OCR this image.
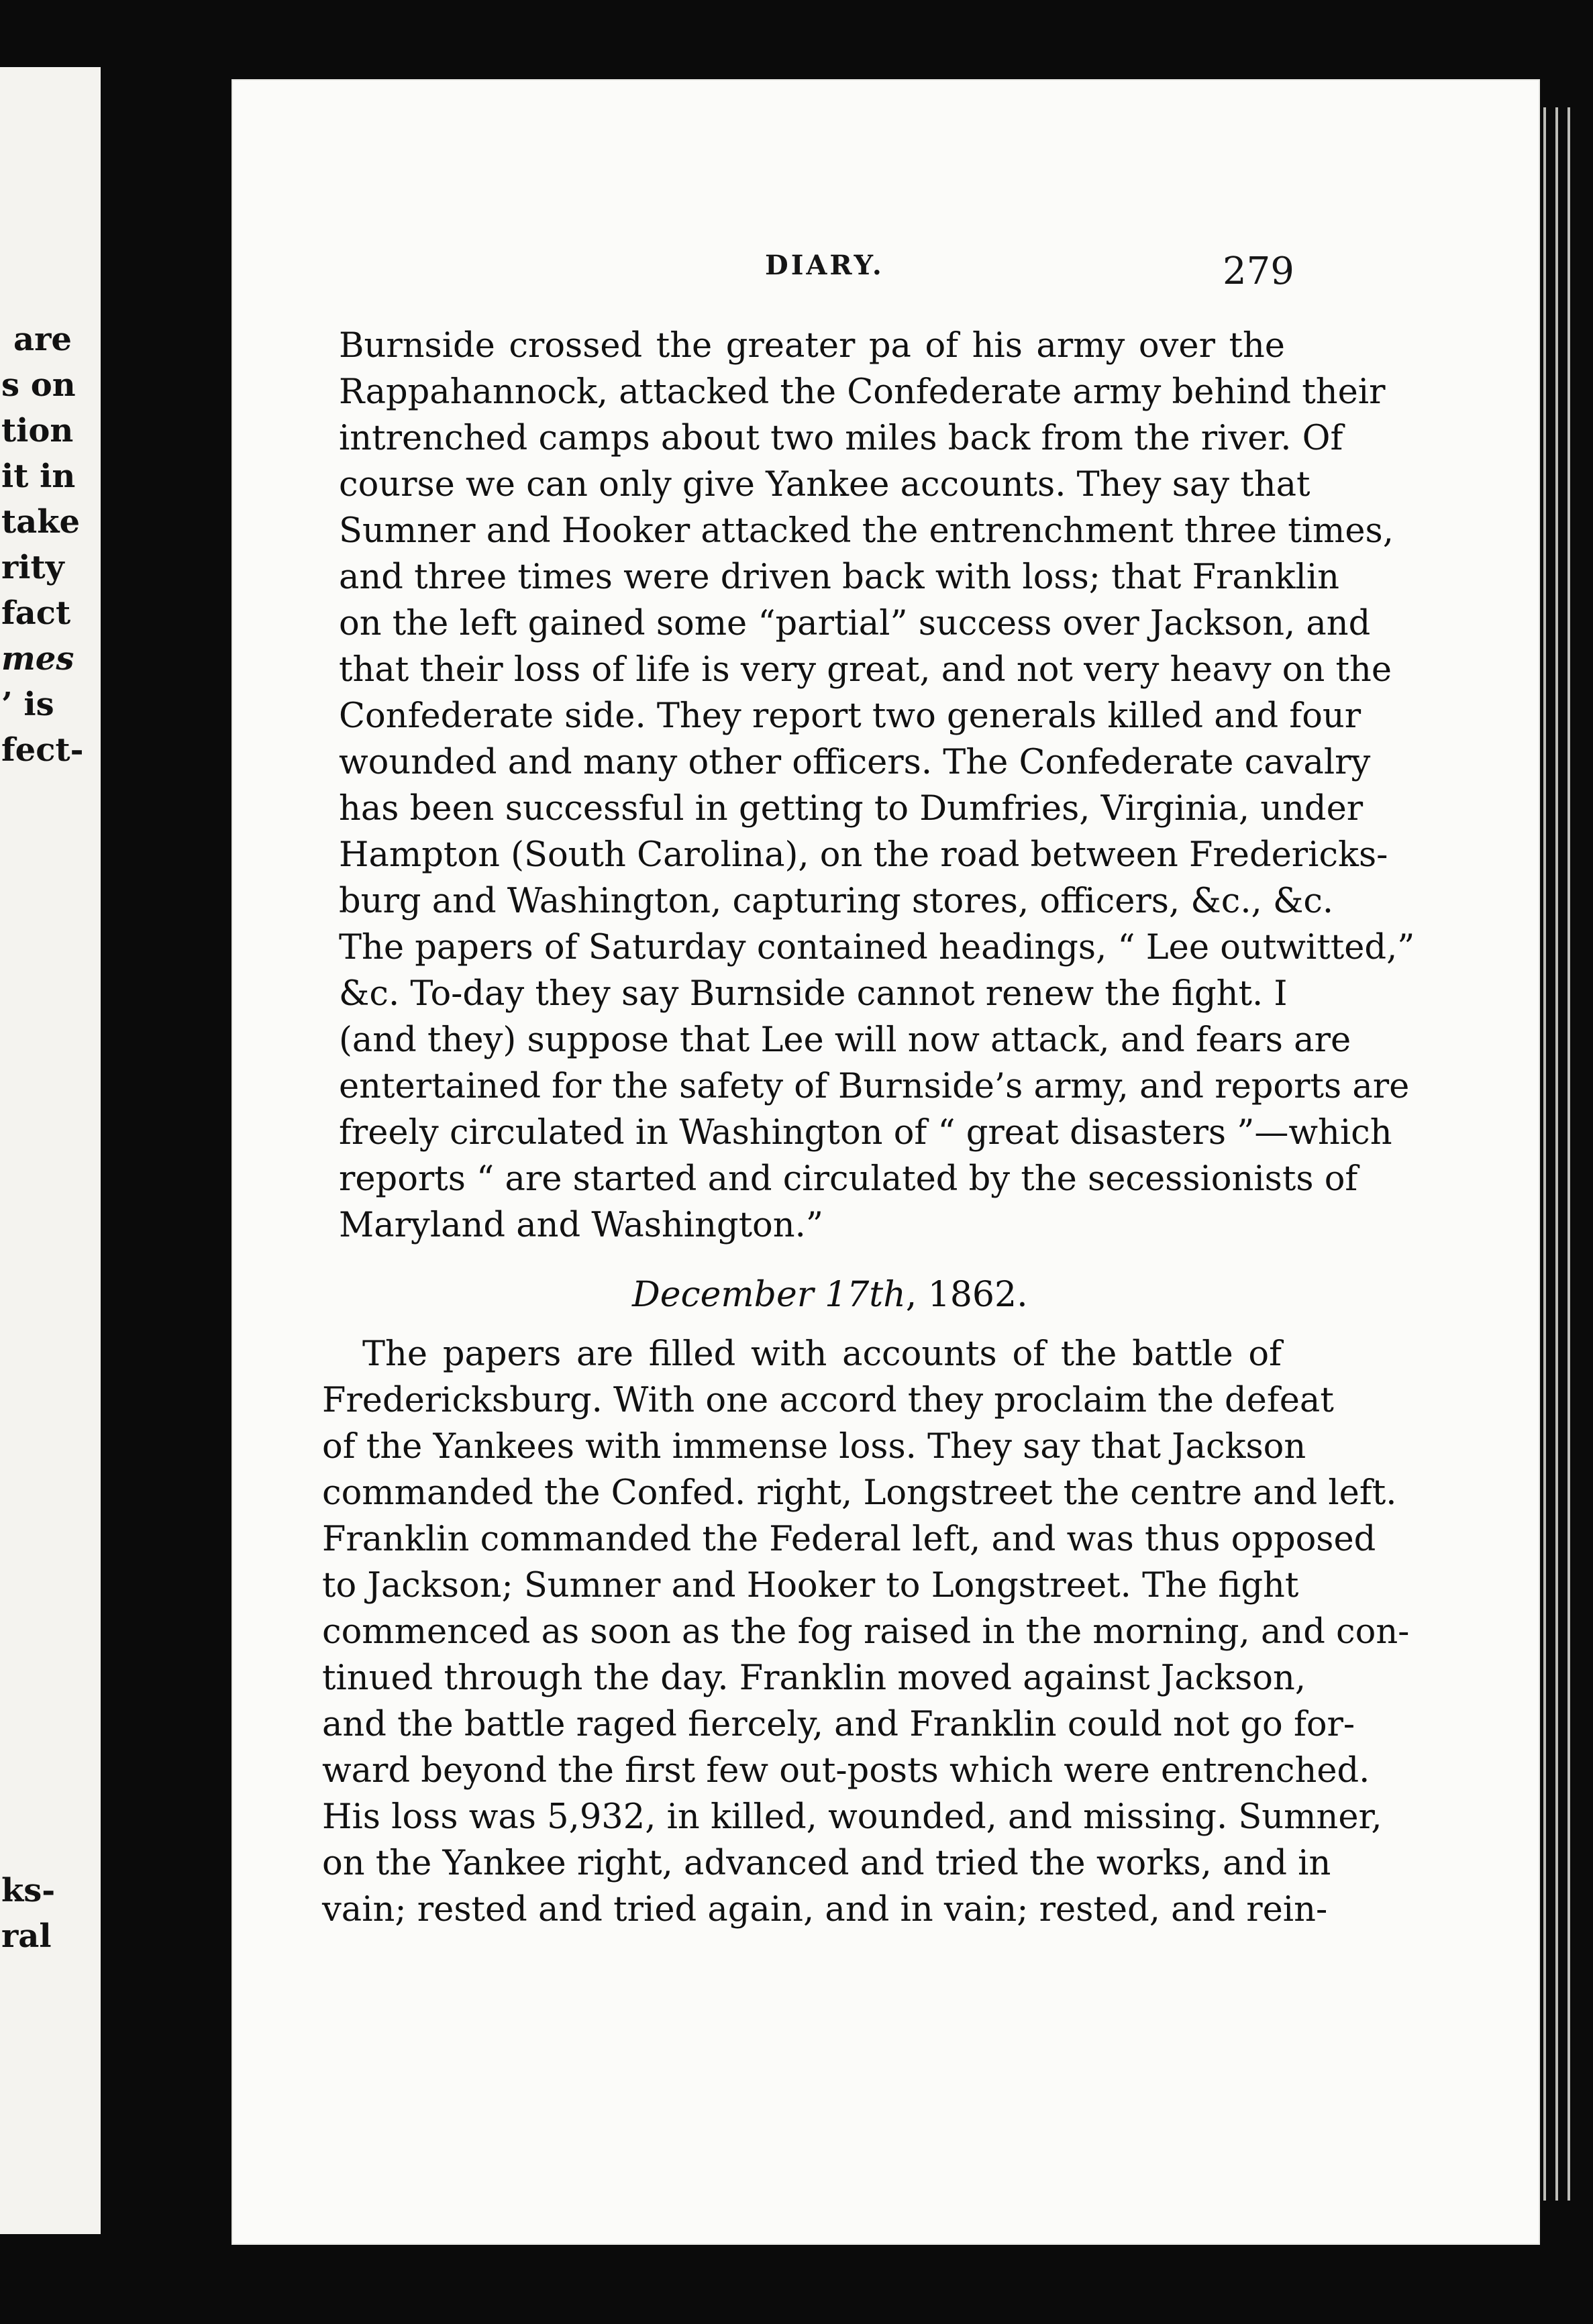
are
s on
tion
it in
take
rity
fact
mes
’ is
fect-
ks-
ral
DIARY.	279
Burnside crossed the greater pa of his army over the
Rappahannock, attacked the Confederate army behind their
intrenched camps about two miles back from the river. Of
course we can only give Yankee accounts. They say that
Sumner and Hooker attacked the entrenchment three times,
and three times were driven back with loss; that Franklin
on the left gained some “partial” success over Jackson, and
that their loss of life is very great, and not very heavy on the
Confederate side. They report two generals killed and four
wounded and many other officers. The Confederate cavalry
has been successful in getting to Dumfries, Virginia, under
Hampton (South Carolina), on the road between Fredericks-
burg and Washington, capturing stores, officers, &c., &c.
The papers of Saturday contained headings, “ Lee outwitted,”
&c. To-day they say Burnside cannot renew the fight. I
(and they) suppose that Lee will now attack, and fears are
entertained for the safety of Burnside’s army, and reports are
freely circulated in Washington of “ great disasters ”—which
reports “ are started and circulated by the secessionists of
Maryland and Washington.”
December 17th, 1862.
The papers are filled with accounts of the battle of
Fredericksburg. With one accord they proclaim the defeat
of the Yankees with immense loss. They say that Jackson
commanded the Confed. right, Longstreet the centre and left.
Franklin commanded the Federal left, and was thus opposed
to Jackson; Sumner and Hooker to Longstreet. The fight
commenced as soon as the fog raised in the morning, and con-
tinued through the day. Franklin moved against Jackson,
and the battle raged fiercely, and Franklin could not go for-
ward beyond the first few out-posts which were entrenched.
His loss was 5,932, in killed, wounded, and missing. Sumner,
on the Yankee right, advanced and tried the works, and in
vain; rested and tried again, and in vain; rested, and rein-
